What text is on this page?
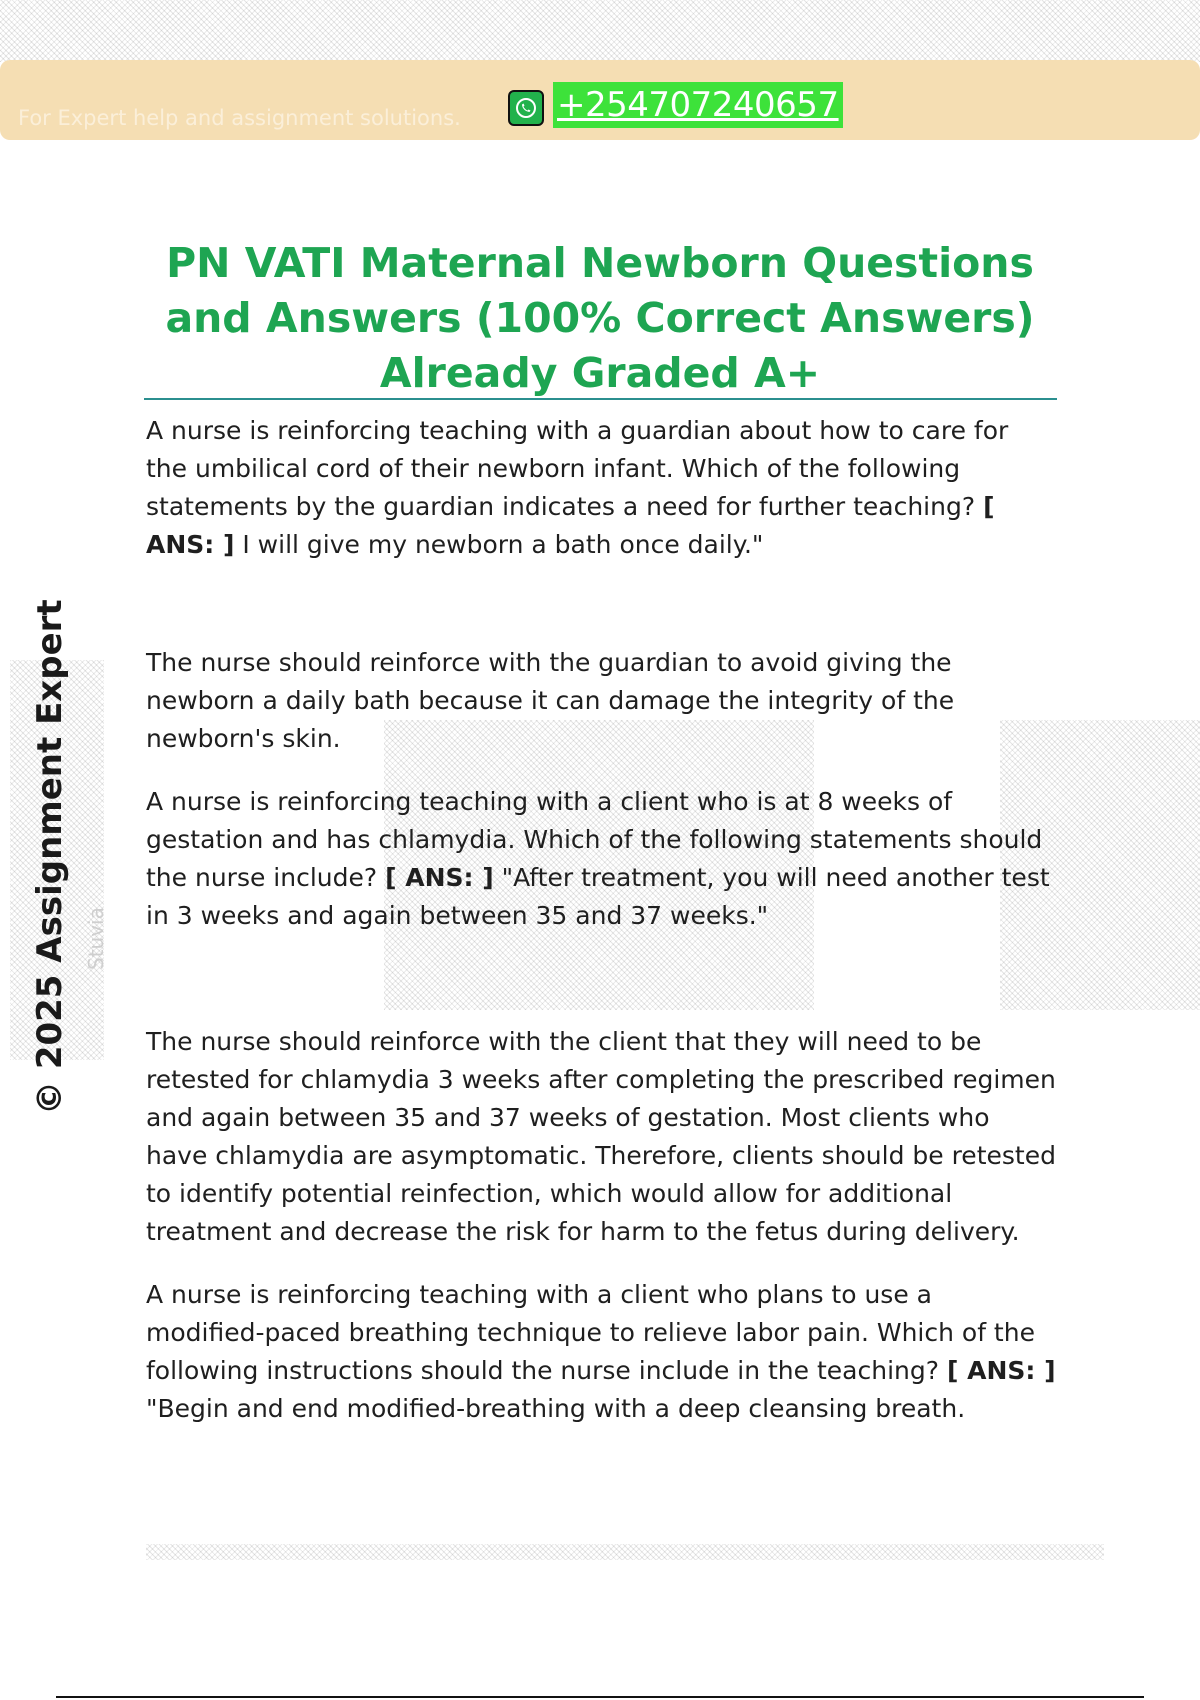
For Expert help and assignment solutions.	+254707240657
PN VATI Maternal Newborn Questions and Answers (100% Correct Answers) Already Graded A+

A nurse is reinforcing teaching with a guardian about how to care for the umbilical cord of their newborn infant. Which of the following statements by the guardian indicates a need for further teaching? [ ANS: ] I will give my newborn a bath once daily."

The nurse should reinforce with the guardian to avoid giving the newborn a daily bath because it can damage the integrity of the newborn's skin.

A nurse is reinforcing teaching with a client who is at 8 weeks of gestation and has chlamydia. Which of the following statements should the nurse include? [ ANS: ] "After treatment, you will need another test in 3 weeks and again between 35 and 37 weeks."

The nurse should reinforce with the client that they will need to be retested for chlamydia 3 weeks after completing the prescribed regimen and again between 35 and 37 weeks of gestation. Most clients who have chlamydia are asymptomatic. Therefore, clients should be retested to identify potential reinfection, which would allow for additional treatment and decrease the risk for harm to the fetus during delivery.

A nurse is reinforcing teaching with a client who plans to use a modified-paced breathing technique to relieve labor pain. Which of the following instructions should the nurse include in the teaching? [ ANS: ] "Begin and end modified-breathing with a deep cleansing breath.

© 2025 Assignment Expert Stuvia
